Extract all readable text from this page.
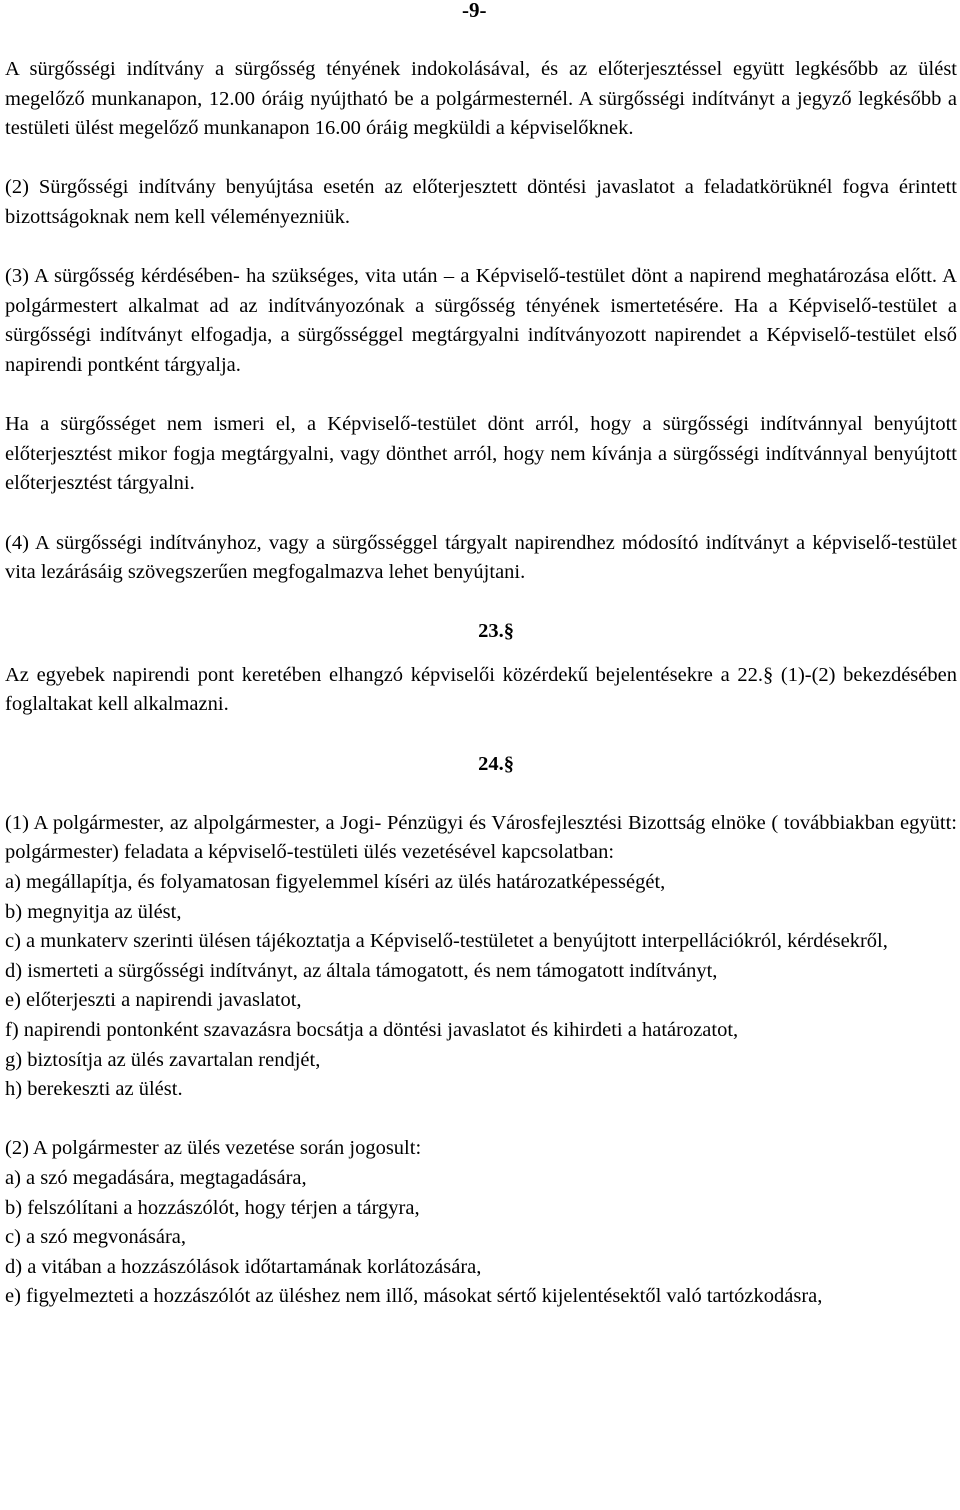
-9-

A sürgősségi indítvány a sürgősség tényének indokolásával, és az előterjesztéssel együtt legkésőbb az ülést megelőző munkanapon, 12.00 óráig nyújtható be a polgármesternél. A sürgősségi indítványt a jegyző legkésőbb a testületi ülést megelőző munkanapon 16.00 óráig megküldi a képviselőknek.

(2) Sürgősségi indítvány benyújtása esetén az előterjesztett döntési javaslatot a feladatkörüknél fogva érintett bizottságoknak nem kell véleményezniük.

(3) A sürgősség kérdésében- ha szükséges, vita után – a Képviselő-testület dönt a napirend meghatározása előtt. A polgármestert alkalmat ad az indítványozónak a sürgősség tényének ismertetésére. Ha a Képviselő-testület a sürgősségi indítványt elfogadja, a sürgősséggel megtárgyalni indítványozott napirendet a Képviselő-testület első napirendi pontként tárgyalja.

Ha a sürgősséget nem ismeri el, a Képviselő-testület dönt arról, hogy a sürgősségi indítvánnyal benyújtott előterjesztést mikor fogja megtárgyalni, vagy dönthet arról, hogy nem kívánja a sürgősségi indítvánnyal benyújtott előterjesztést tárgyalni.

(4) A sürgősségi indítványhoz, vagy a sürgősséggel tárgyalt napirendhez módosító indítványt a képviselő-testület vita lezárásáig szövegszerűen megfogalmazva lehet benyújtani.

23.§

Az egyebek napirendi pont keretében elhangzó képviselői közérdekű bejelentésekre a 22.§ (1)-(2) bekezdésében foglaltakat kell alkalmazni.

24.§

(1) A polgármester, az alpolgármester, a Jogi- Pénzügyi és Városfejlesztési Bizottság elnöke ( továbbiakban együtt: polgármester) feladata a képviselő-testületi ülés vezetésével kapcsolatban:

a) megállapítja, és folyamatosan figyelemmel kíséri az ülés határozatképességét,

b) megnyitja az ülést,

c) a munkaterv szerinti ülésen tájékoztatja a Képviselő-testületet a benyújtott interpellációkról, kérdésekről,

d) ismerteti a sürgősségi indítványt, az általa támogatott, és nem támogatott indítványt,

e) előterjeszti a napirendi javaslatot,

f) napirendi pontonként szavazásra bocsátja a döntési javaslatot és kihirdeti a határozatot,

g) biztosítja az ülés zavartalan rendjét,

h) berekeszti az ülést.

(2) A polgármester az ülés vezetése során jogosult:

a) a szó megadására, megtagadására,

b) felszólítani a hozzászólót, hogy térjen a tárgyra,

c) a szó megvonására,

d) a vitában a hozzászólások időtartamának korlátozására,

e) figyelmezteti a hozzászólót az üléshez nem illő, másokat sértő kijelentésektől való tartózkodásra,
